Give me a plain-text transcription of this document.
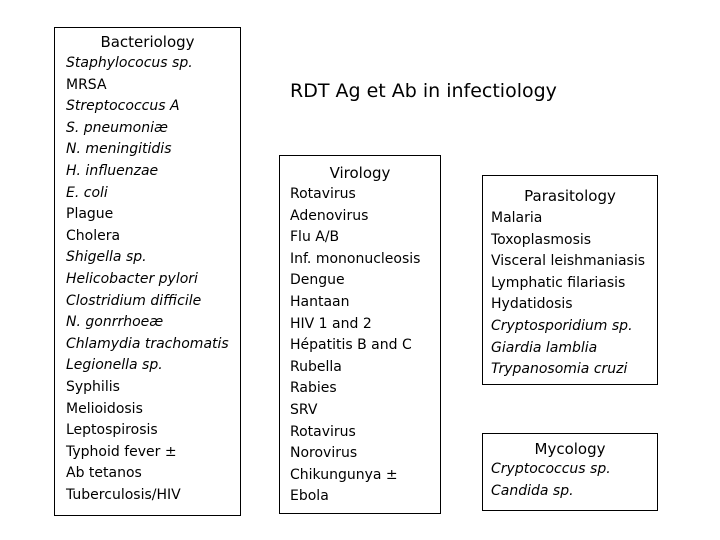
RDT Ag et Ab in infectiology
Bacteriology
Staphylococus sp.
MRSA
Streptococcus A
S. pneumoniæ
N. meningitidis
H. influenzae
E. coli
Plague
Cholera
Shigella sp.
Helicobacter pylori
Clostridium difficile
N. gonrrhoeæ
Chlamydia trachomatis
Legionella sp.
Syphilis
Melioidosis
Leptospirosis
Typhoid fever ±
Ab tetanos
Tuberculosis/HIV
Virology
Rotavirus
Adenovirus
Flu A/B
Inf. mononucleosis
Dengue
Hantaan
HIV 1 and 2
Hépatitis B and C
Rubella
Rabies
SRV
Rotavirus
Norovirus
Chikungunya ±
Ebola
Parasitology
Malaria
Toxoplasmosis
Visceral leishmaniasis
Lymphatic filariasis
Hydatidosis
Cryptosporidium sp.
Giardia lamblia
Trypanosomia cruzi
Mycology
Cryptococcus sp.
Candida sp.
